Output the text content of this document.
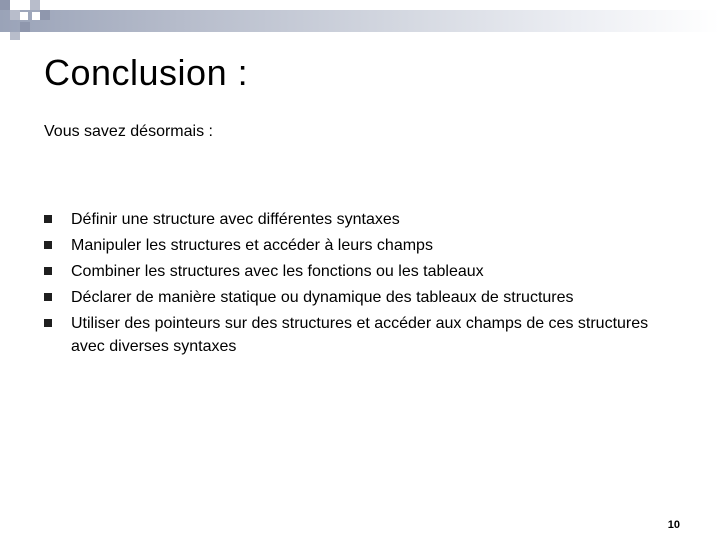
Conclusion :
Vous savez désormais :
Définir une structure avec différentes syntaxes
Manipuler les structures et accéder à leurs champs
Combiner les structures avec les fonctions ou les tableaux
Déclarer de manière statique ou dynamique des tableaux de structures
Utiliser des pointeurs sur des structures et accéder aux champs de ces structures avec diverses syntaxes
10
